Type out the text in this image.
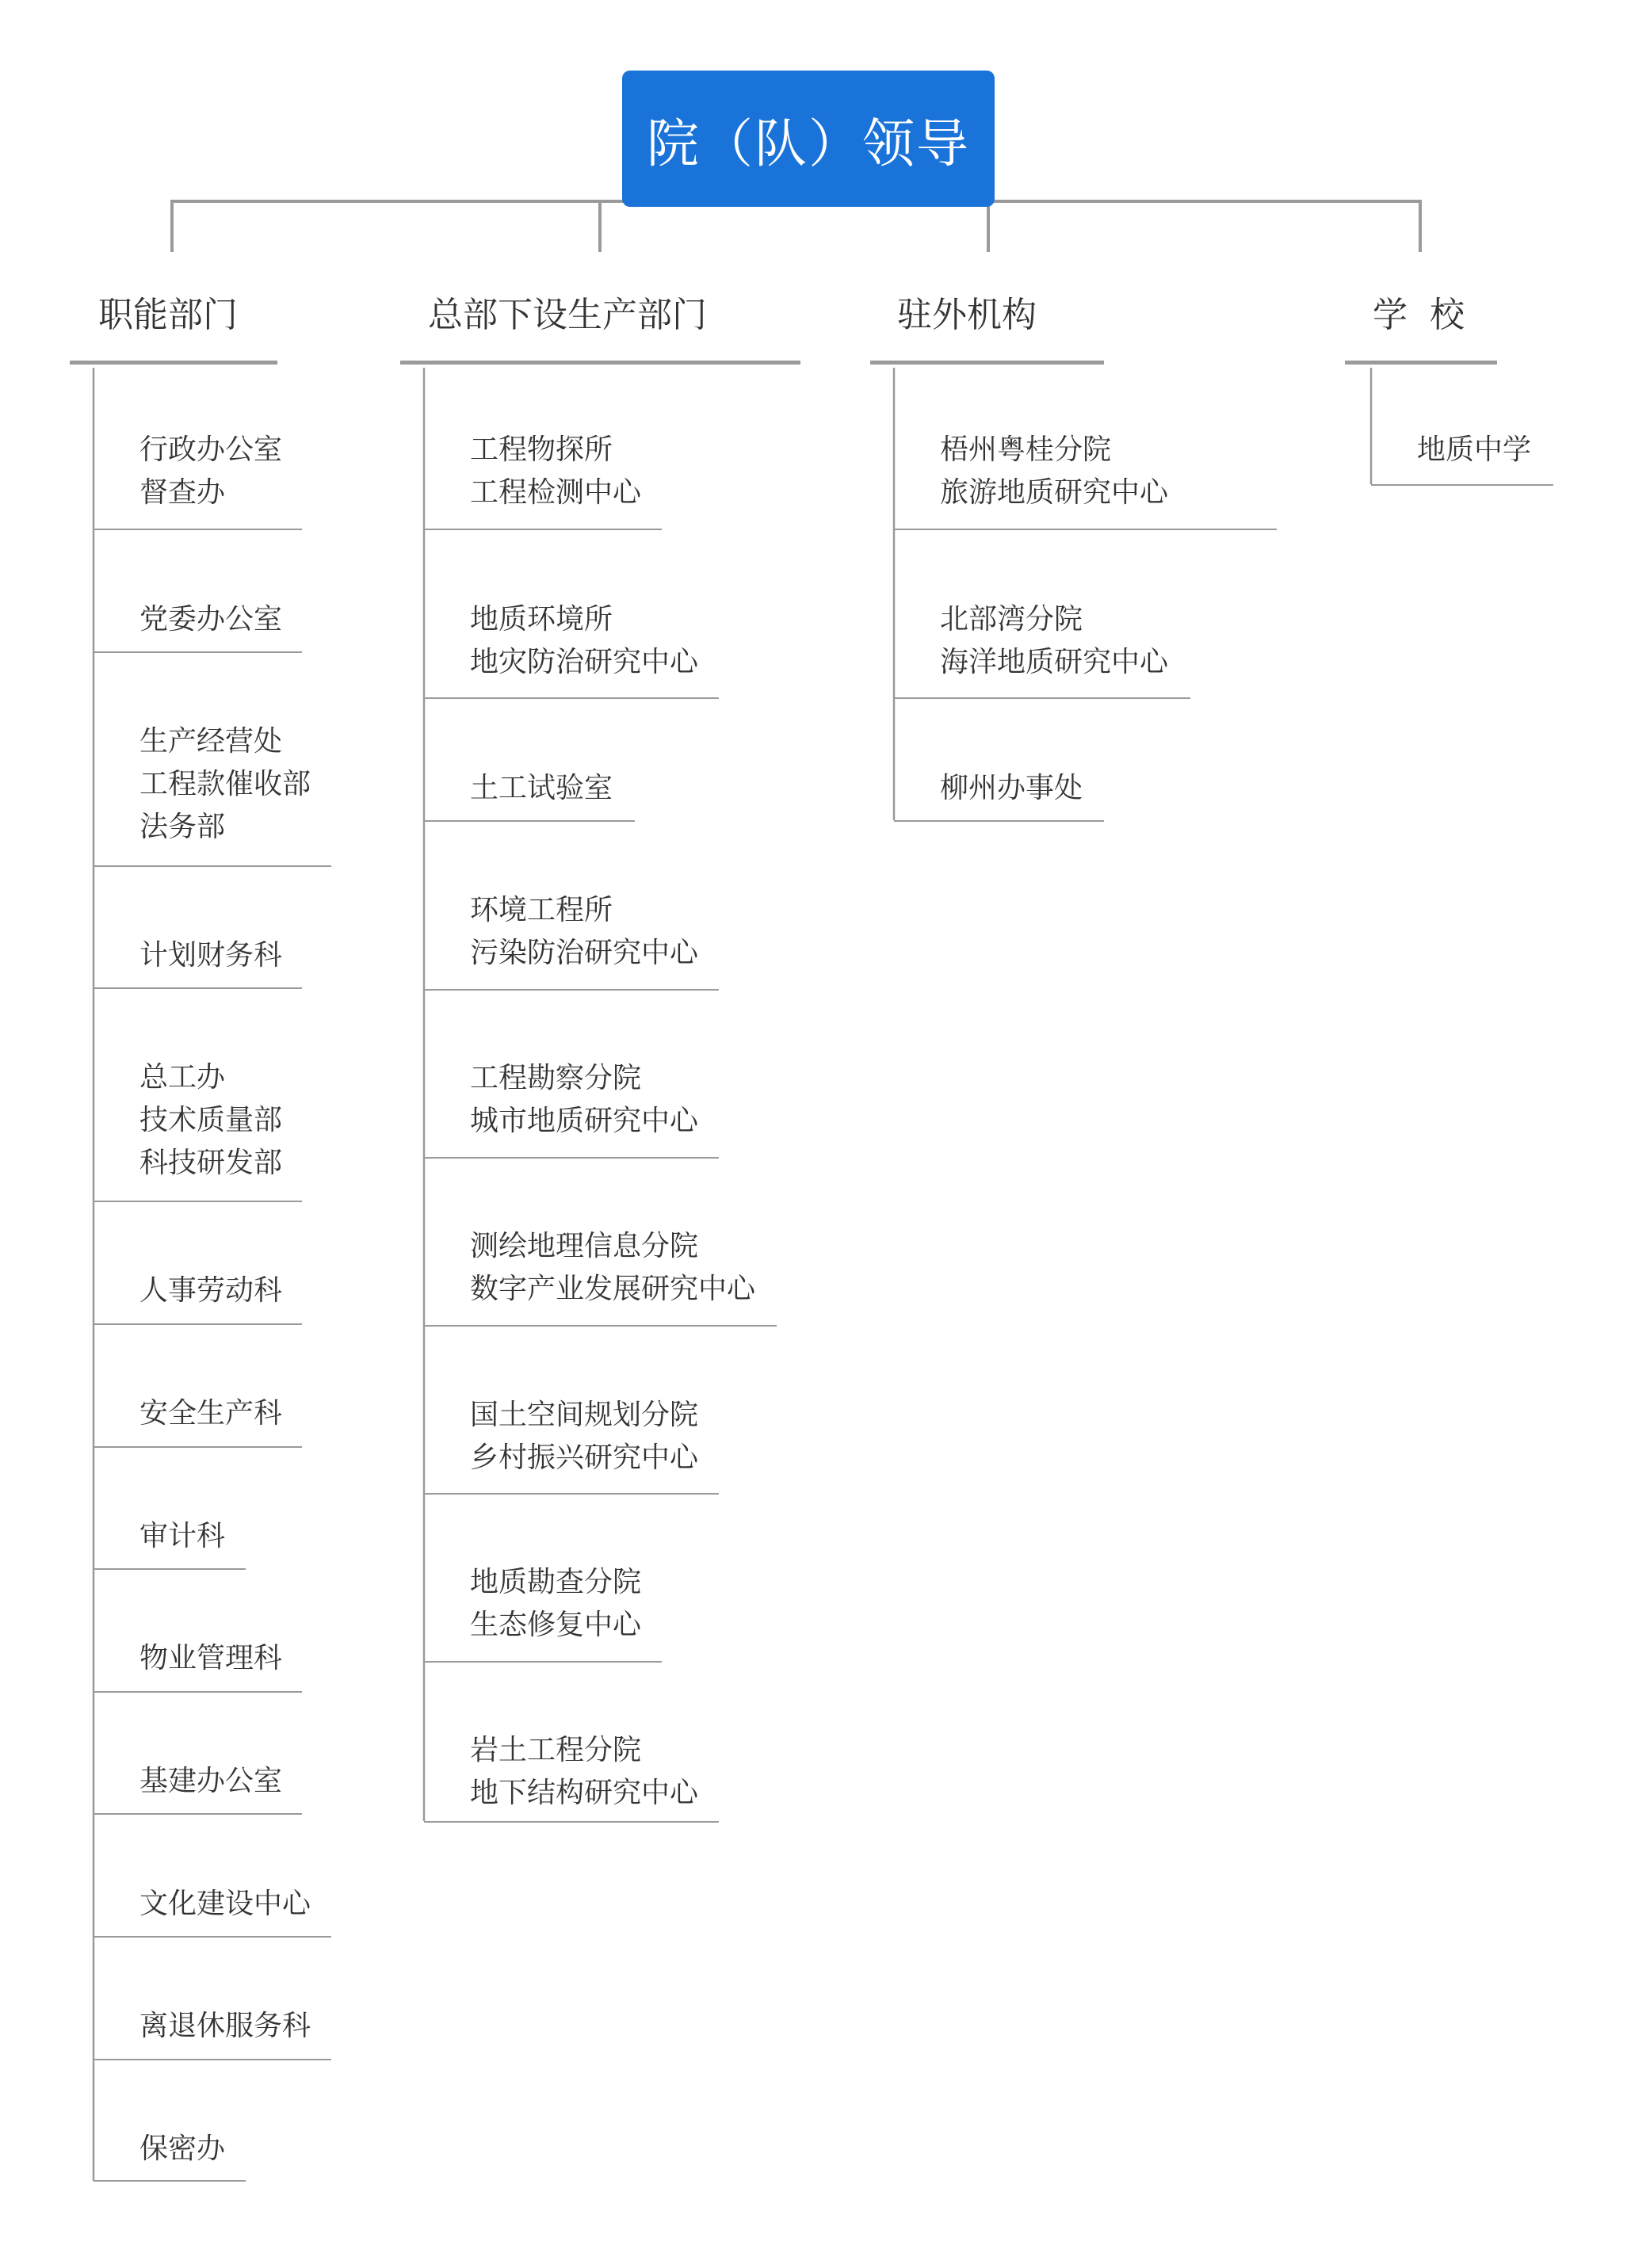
院（队）领导
职能部门	总部下设生产部门	驻外机构	学  校
行政办公室
督查办
党委办公室
生产经营处
工程款催收部
法务部
计划财务科
总工办
技术质量部
科技研发部
人事劳动科
安全生产科
审计科
物业管理科
基建办公室
文化建设中心
离退休服务科
保密办
工程物探所
工程检测中心
地质环境所
地灾防治研究中心
土工试验室
环境工程所
污染防治研究中心
工程勘察分院
城市地质研究中心
测绘地理信息分院
数字产业发展研究中心
国土空间规划分院
乡村振兴研究中心
地质勘查分院
生态修复中心
岩土工程分院
地下结构研究中心
梧州粤桂分院
旅游地质研究中心
北部湾分院
海洋地质研究中心
柳州办事处
地质中学
